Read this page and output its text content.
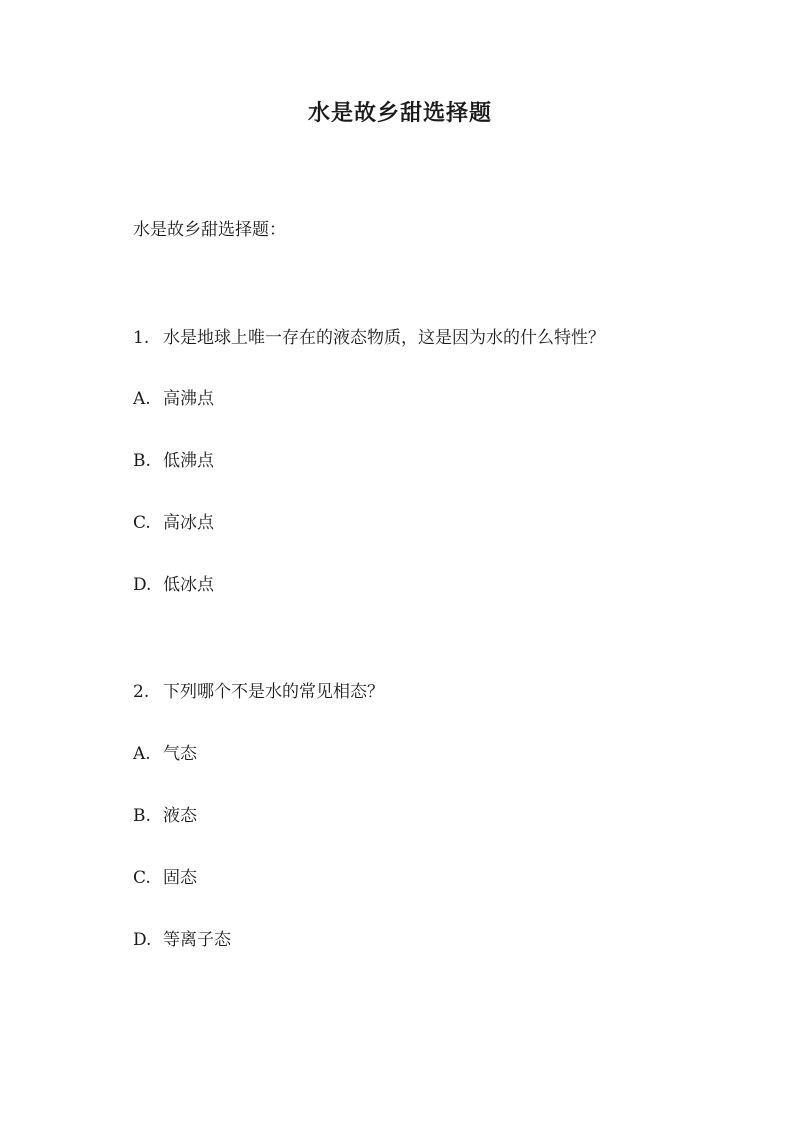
水是故乡甜选择题
水是故乡甜选择题：
1. 水是地球上唯一存在的液态物质，这是因为水的什么特性？
A. 高沸点
B. 低沸点
C. 高冰点
D. 低冰点
2. 下列哪个不是水的常见相态？
A. 气态
B. 液态
C. 固态
D. 等离子态
